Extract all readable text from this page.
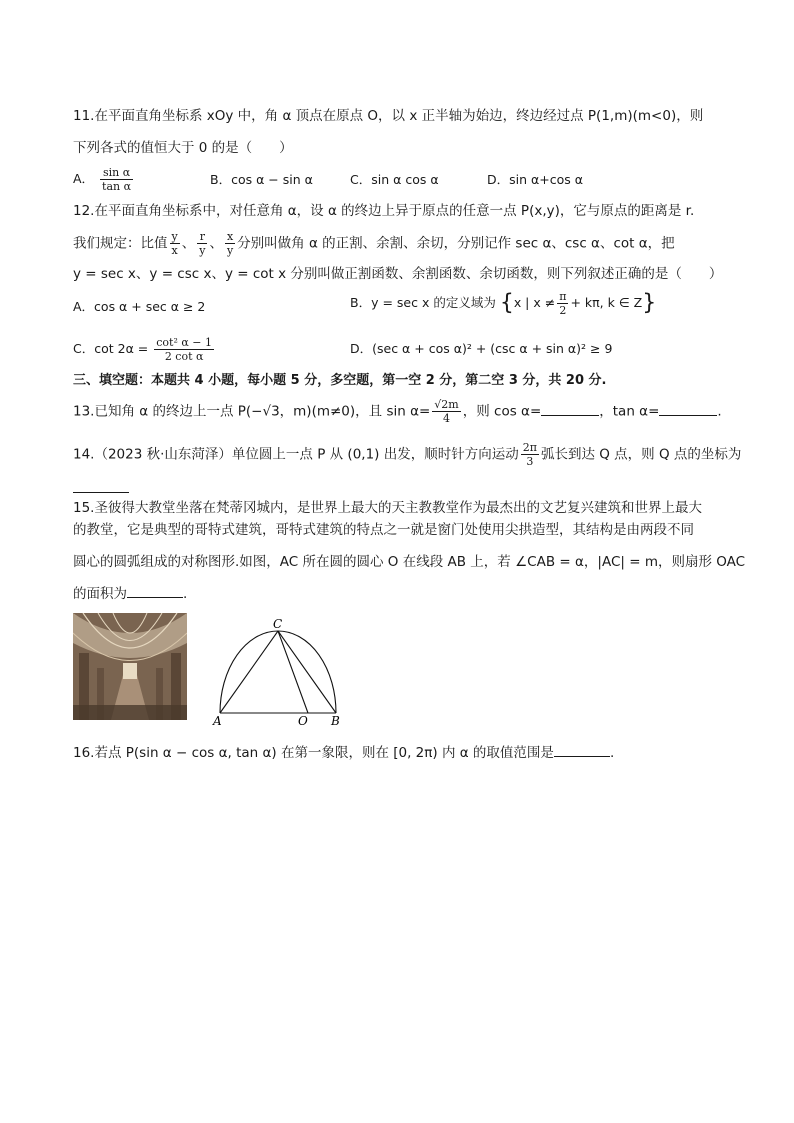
11.在平面直角坐标系 xOy 中，角 α 顶点在原点 O，以 x 正半轴为始边，终边经过点 P(1,m)(m<0)，则
下列各式的值恒大于 0 的是（　　）
A． $\frac{\text{sin α}}{\text{tan α}}$	B．cos α − sin α	C．sin α cos α	D．sin α+cos α
12.在平面直角坐标系中，对任意角 α，设 α 的终边上异于原点的任意一点 P(x,y)，它与原点的距离是 r.
我们规定：比值 $\frac{y}{x}$ 、 $\frac{r}{y}$ 、 $\frac{x}{y}$ 分别叫做角 α 的正割、余割、余切，分别记作 sec α、csc α、cot α，把
y = sec x、y = csc x、y = cot x 分别叫做正割函数、余割函数、余切函数，则下列叙述正确的是（　　）
A．cos α + sec α ≥ 2	B．y = sec x 的定义域为 {x | $x \ne \frac{\pi}{2} + k\pi$, k ∈ Z}
C．$\cot 2\alpha = \frac{\text{cot² α − 1}}{\text{2 cot α}}$	D．(sec α + cos α)² + (csc α + sin α)² ≥ 9
三、填空题：本题共 4 小题，每小题 5 分，多空题，第一空 2 分，第二空 3 分，共 20 分.
13.已知角 α 的终边上一点 P(−√3，m)(m≠0)，且 $\sin \alpha= \frac{√2m}{4}$ ，则 cos α=	，tan α=	.
14.（2023 秋·山东菏泽）单位圆上一点 P 从 (0,1) 出发，顺时针方向运动 $\frac{2\pi}{3}$ 弧长到达 Q 点，则 Q 点的坐标为
15.圣彼得大教堂坐落在梵蒂冈城内，是世界上最大的天主教教堂作为最杰出的文艺复兴建筑和世界上最大
的教堂，它是典型的哥特式建筑，哥特式建筑的特点之一就是窗门处使用尖拱造型，其结构是由两段不同
圆心的圆弧组成的对称图形.如图，AC 所在圆的圆心 O 在线段 AB 上，若 ∠CAB = α，|AC| = m，则扇形 OAC
的面积为	.
C
A	O B
16.若点 P(sin α − cos α, tan α) 在第一象限，则在 [0, 2π) 内 α 的取值范围是	.
